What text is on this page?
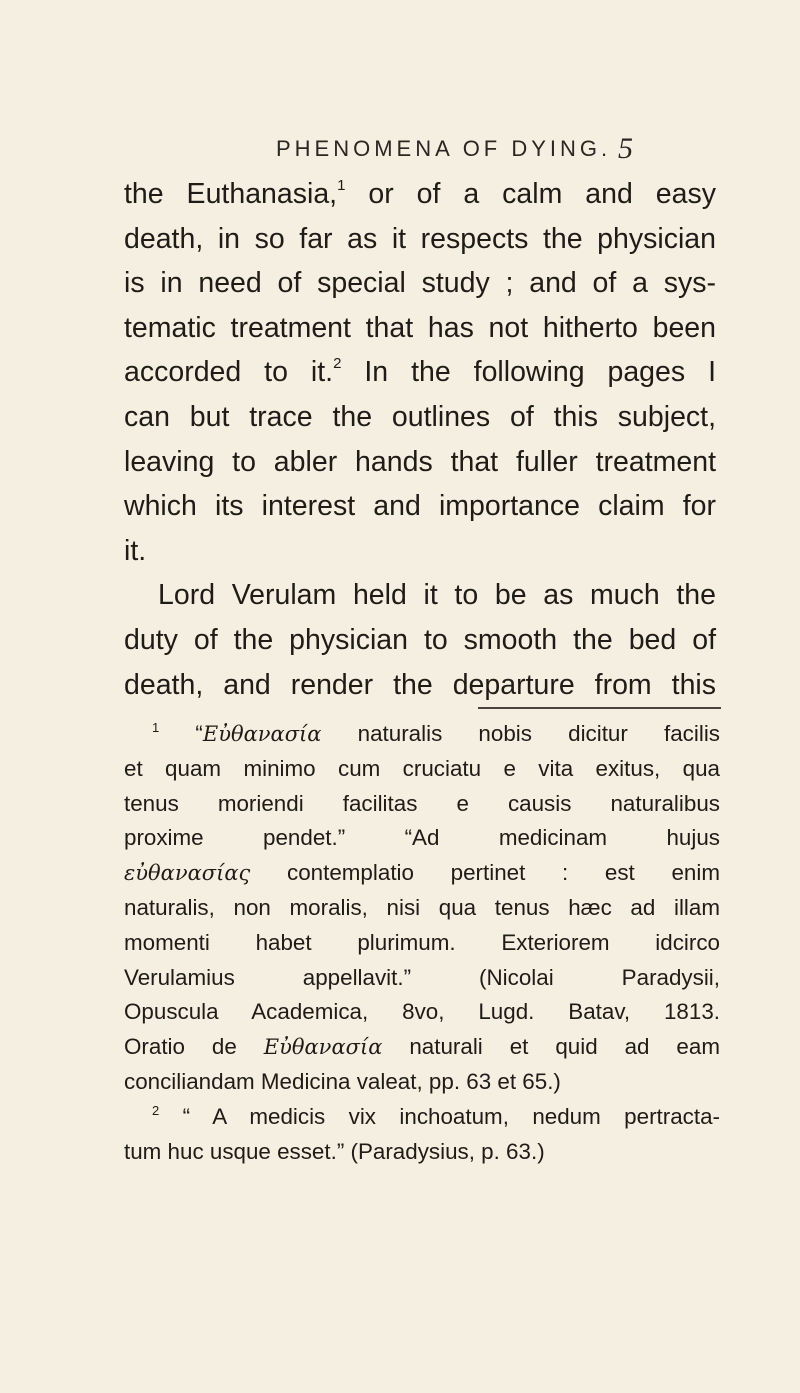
PHENOMENA OF DYING. 5
the Euthanasia,$^1$ or of a calm and easy
death, in so far as it respects the physician
is in need of special study ; and of a sys-
tematic treatment that has not hitherto been
accorded to it.$^2$ In the following pages I
can but trace the outlines of this subject,
leaving to abler hands that fuller treatment
which its interest and importance claim for
it.
Lord Verulam held it to be as much the
duty of the physician to smooth the bed of
death, and render the departure from this
$^1$ “Εὐθανασία naturalis nobis dicitur facilis
et quam minimo cum cruciatu e vita exitus, qua
tenus moriendi facilitas e causis naturalibus
proxime pendet.” “Ad medicinam hujus
εὐθανασίας contemplatio pertinet : est enim
naturalis, non moralis, nisi qua tenus hæc ad illam
momenti habet plurimum. Exteriorem idcirco
Verulamius appellavit.” (Nicolai Paradysii,
Opuscula Academica, 8vo, Lugd. Batav, 1813.
Oratio de Εὐθανασία naturali et quid ad eam
conciliandam Medicina valeat, pp. 63 et 65.)
$^2$ “ A medicis vix inchoatum, nedum pertracta-
tum huc usque esset.” (Paradysius, p. 63.)
